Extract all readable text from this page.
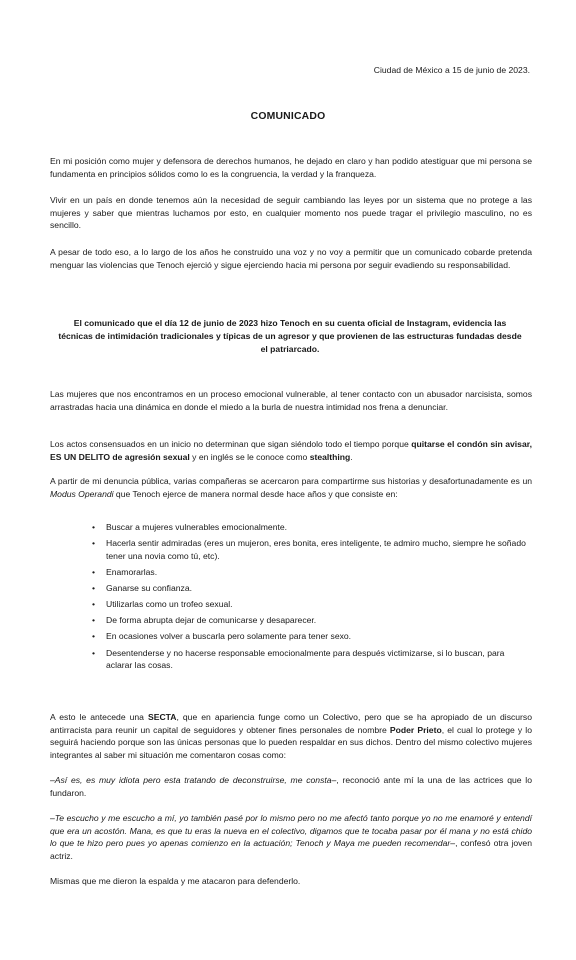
Ciudad de México a 15 de junio de 2023.
COMUNICADO

En mi posición como mujer y defensora de derechos humanos, he dejado en claro y han podido atestiguar que mi persona se fundamenta en principios sólidos como lo es la congruencia, la verdad y la franqueza.

Vivir en un país en donde tenemos aún la necesidad de seguir cambiando las leyes por un sistema que no protege a las mujeres y saber que mientras luchamos por esto, en cualquier momento nos puede tragar el privilegio masculino, no es sencillo.

A pesar de todo eso, a lo largo de los años he construido una voz y no voy a permitir que un comunicado cobarde pretenda menguar las violencias que Tenoch ejerció y sigue ejerciendo hacia mi persona por seguir evadiendo su responsabilidad.

El comunicado que el día 12 de junio de 2023 hizo Tenoch en su cuenta oficial de Instagram, evidencia las técnicas de intimidación tradicionales y típicas de un agresor y que provienen de las estructuras fundadas desde el patriarcado.

Las mujeres que nos encontramos en un proceso emocional vulnerable, al tener contacto con un abusador narcisista, somos arrastradas hacia una dinámica en donde el miedo a la burla de nuestra intimidad nos frena a denunciar.

Los actos consensuados en un inicio no determinan que sigan siéndolo todo el tiempo porque quitarse el condón sin avisar, ES UN DELITO de agresión sexual y en inglés se le conoce como stealthing.

A partir de mi denuncia pública, varias compañeras se acercaron para compartirme sus historias y desafortunadamente es un Modus Operandi que Tenoch ejerce de manera normal desde hace años y que consiste en:

• Buscar a mujeres vulnerables emocionalmente.
• Hacerla sentir admiradas (eres un mujeron, eres bonita, eres inteligente, te admiro mucho, siempre he soñado tener una novia como tú, etc).
• Enamorarlas.
• Ganarse su confianza.
• Utilizarlas como un trofeo sexual.
• De forma abrupta dejar de comunicarse y desaparecer.
• En ocasiones volver a buscarla pero solamente para tener sexo.
• Desentenderse y no hacerse responsable emocionalmente para después victimizarse, si lo buscan, para aclarar las cosas.

A esto le antecede una SECTA, que en apariencia funge como un Colectivo, pero que se ha apropiado de un discurso antirracista para reunir un capital de seguidores y obtener fines personales de nombre Poder Prieto, el cual lo protege y lo seguirá haciendo porque son las únicas personas que lo pueden respaldar en sus dichos. Dentro del mismo colectivo mujeres integrantes al saber mi situación me comentaron cosas como:

–Así es, es muy idiota pero esta tratando de deconstruirse, me consta–, reconoció ante mí la una de las actrices que lo fundaron.

–Te escucho y me escucho a mí, yo también pasé por lo mismo pero no me afectó tanto porque yo no me enamoré y entendí que era un acostón. Mana, es que tu eras la nueva en el colectivo, digamos que te tocaba pasar por él mana y no está chido lo que te hizo pero pues yo apenas comienzo en la actuación; Tenoch y Maya me pueden recomendar–, confesó otra joven actriz.

Mismas que me dieron la espalda y me atacaron para defenderlo.
